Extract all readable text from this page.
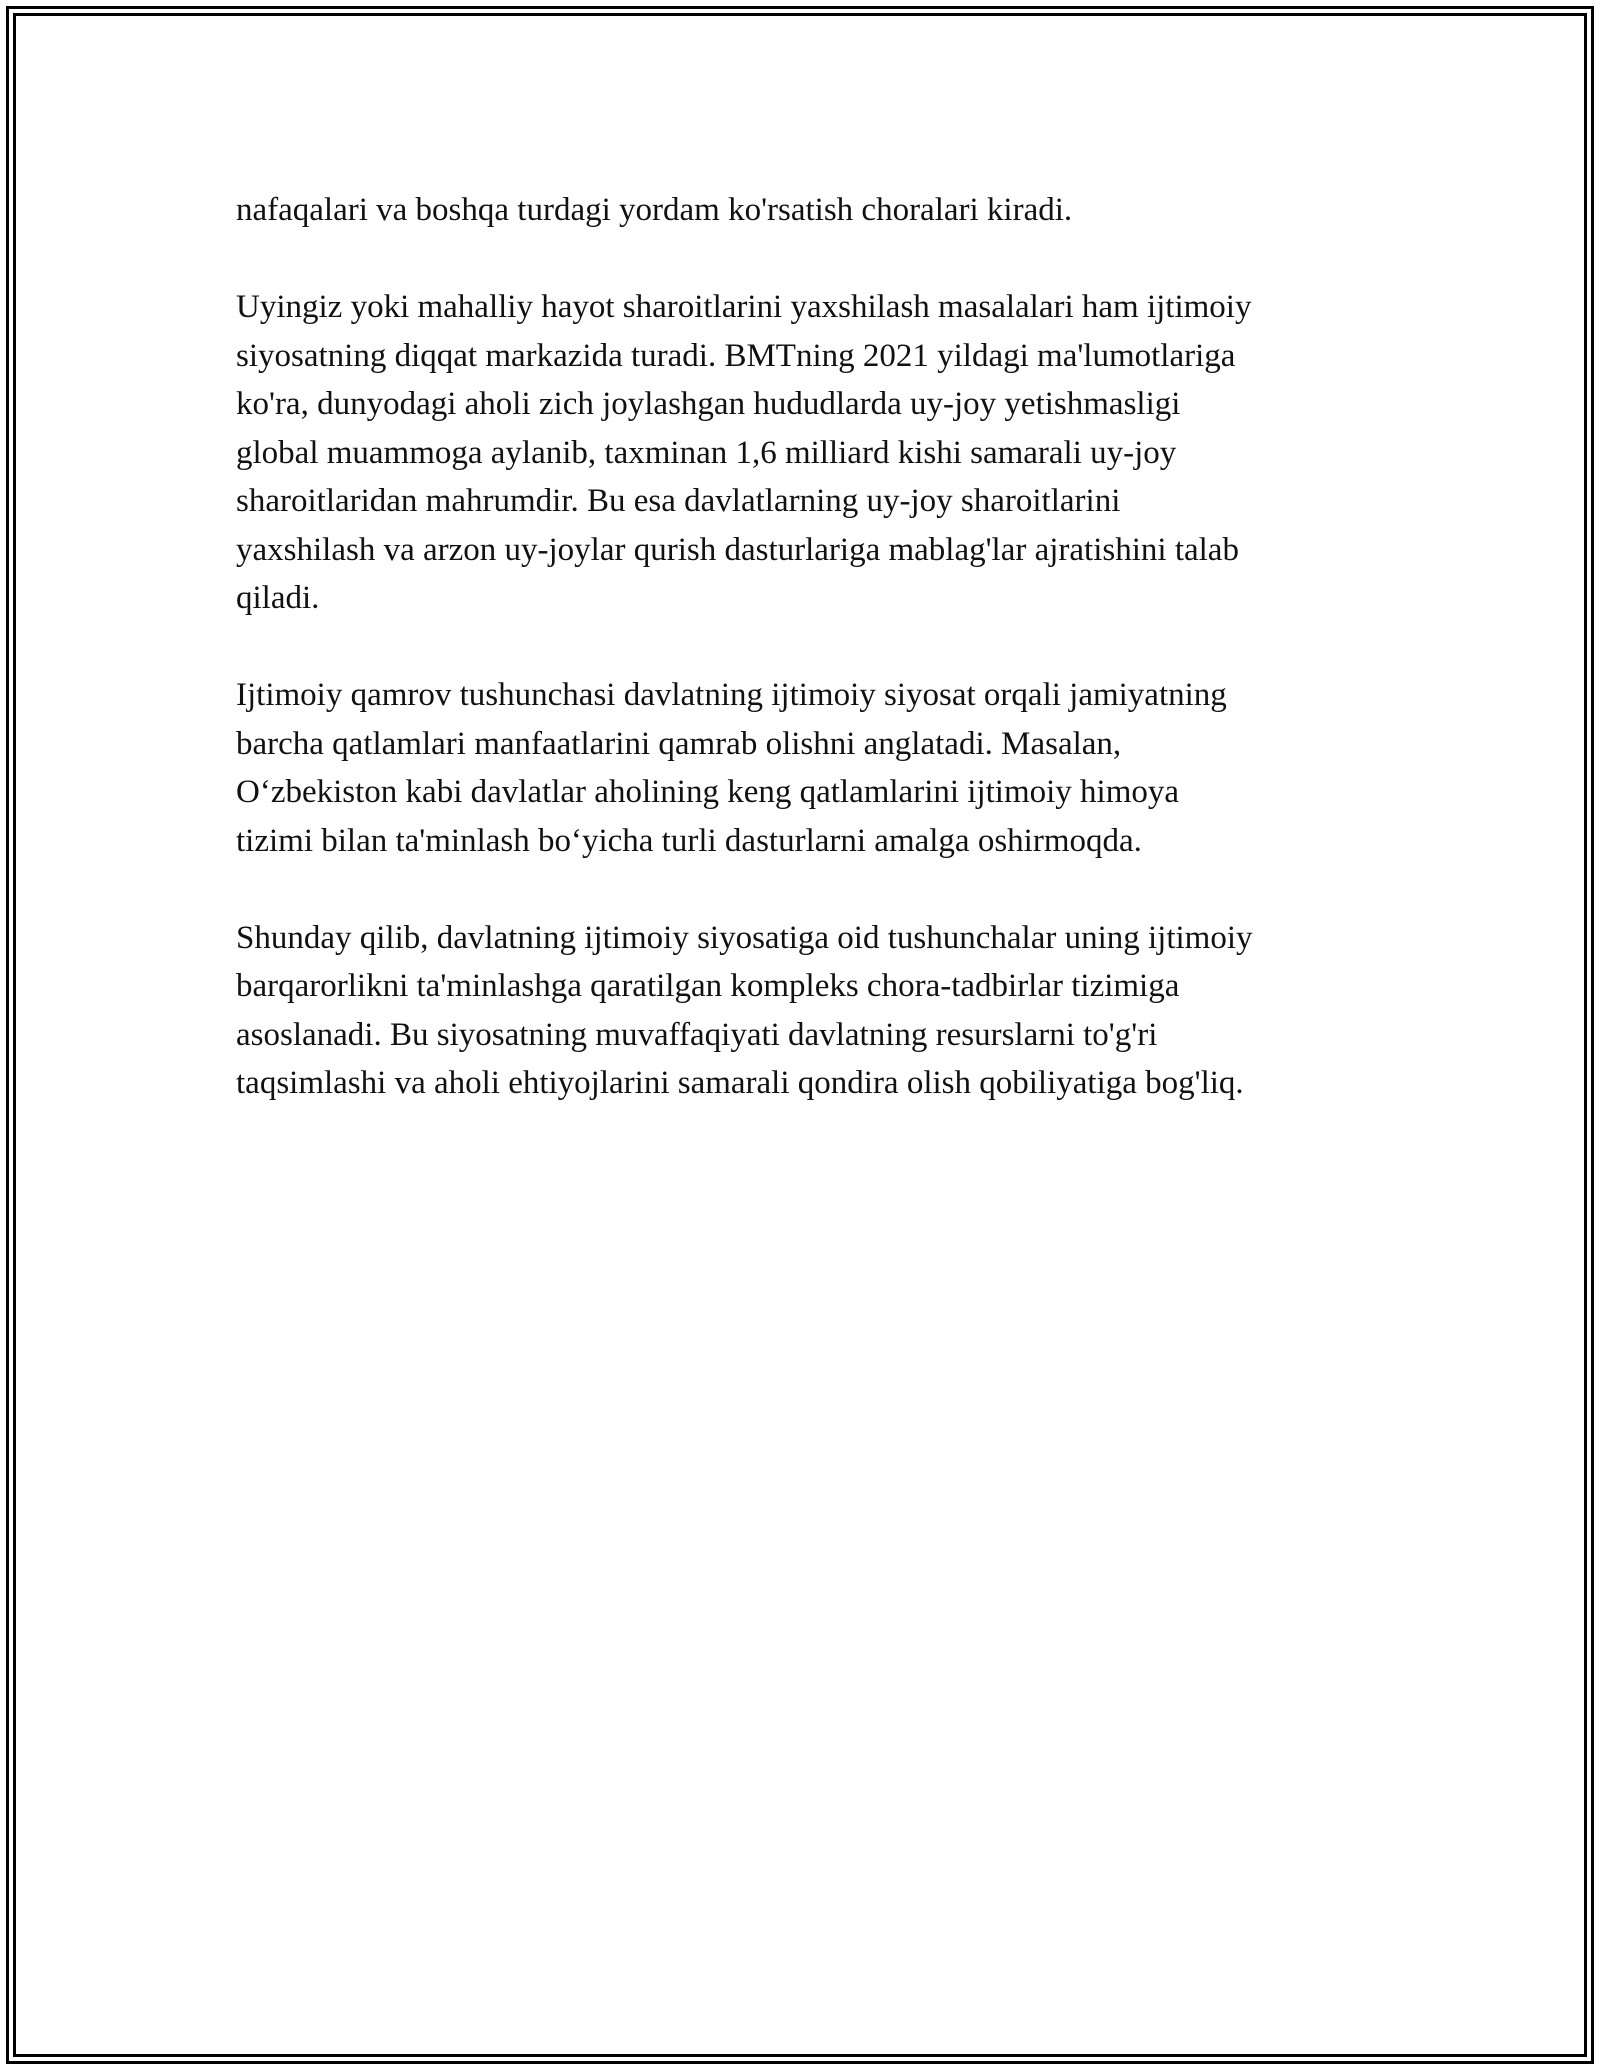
nafaqalari va boshqa turdagi yordam ko'rsatish choralari kiradi.

Uyingiz yoki mahalliy hayot sharoitlarini yaxshilash masalalari ham ijtimoiy
siyosatning diqqat markazida turadi. BMTning 2021 yildagi ma'lumotlariga
ko'ra, dunyodagi aholi zich joylashgan hududlarda uy-joy yetishmasligi
global muammoga aylanib, taxminan 1,6 milliard kishi samarali uy-joy
sharoitlaridan mahrumdir. Bu esa davlatlarning uy-joy sharoitlarini
yaxshilash va arzon uy-joylar qurish dasturlariga mablag'lar ajratishini talab
qiladi.

Ijtimoiy qamrov tushunchasi davlatning ijtimoiy siyosat orqali jamiyatning
barcha qatlamlari manfaatlarini qamrab olishni anglatadi. Masalan,
O‘zbekiston kabi davlatlar aholining keng qatlamlarini ijtimoiy himoya
tizimi bilan ta'minlash bo‘yicha turli dasturlarni amalga oshirmoqda.

Shunday qilib, davlatning ijtimoiy siyosatiga oid tushunchalar uning ijtimoiy
barqarorlikni ta'minlashga qaratilgan kompleks chora-tadbirlar tizimiga
asoslanadi. Bu siyosatning muvaffaqiyati davlatning resurslarni to'g'ri
taqsimlashi va aholi ehtiyojlarini samarali qondira olish qobiliyatiga bog'liq.
